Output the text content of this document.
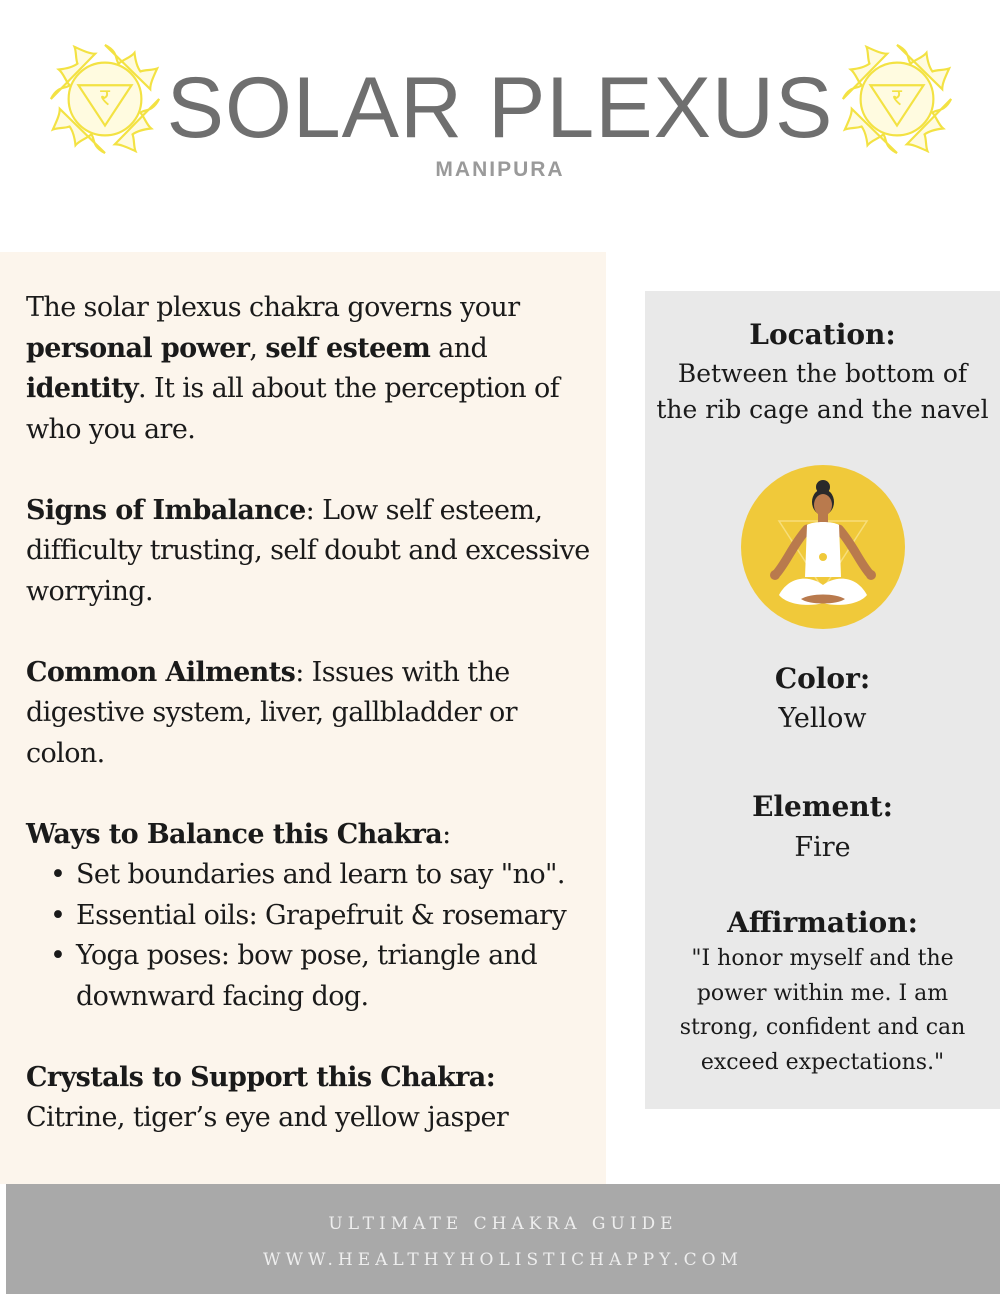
र	र
SOLAR PLEXUS
MANIPURA

The solar plexus chakra governs your personal power, self esteem and identity. It is all about the perception of who you are.

Signs of Imbalance: Low self esteem, difficulty trusting, self doubt and excessive worrying.

Common Ailments: Issues with the digestive system, liver, gallbladder or colon.

Ways to Balance this Chakra:
• Set boundaries and learn to say "no".
• Essential oils: Grapefruit & rosemary
• Yoga poses: bow pose, triangle and downward facing dog.

Crystals to Support this Chakra: Citrine, tiger’s eye and yellow jasper

Location:
Between the bottom of
the rib cage and the navel
Color:
Yellow
Element:
Fire
Affirmation:
"I honor myself and the
power within me. I am
strong, confident and can
exceed expectations."
ULTIMATE CHAKRA GUIDE
WWW.HEALTHYHOLISTICHAPPY.COM
